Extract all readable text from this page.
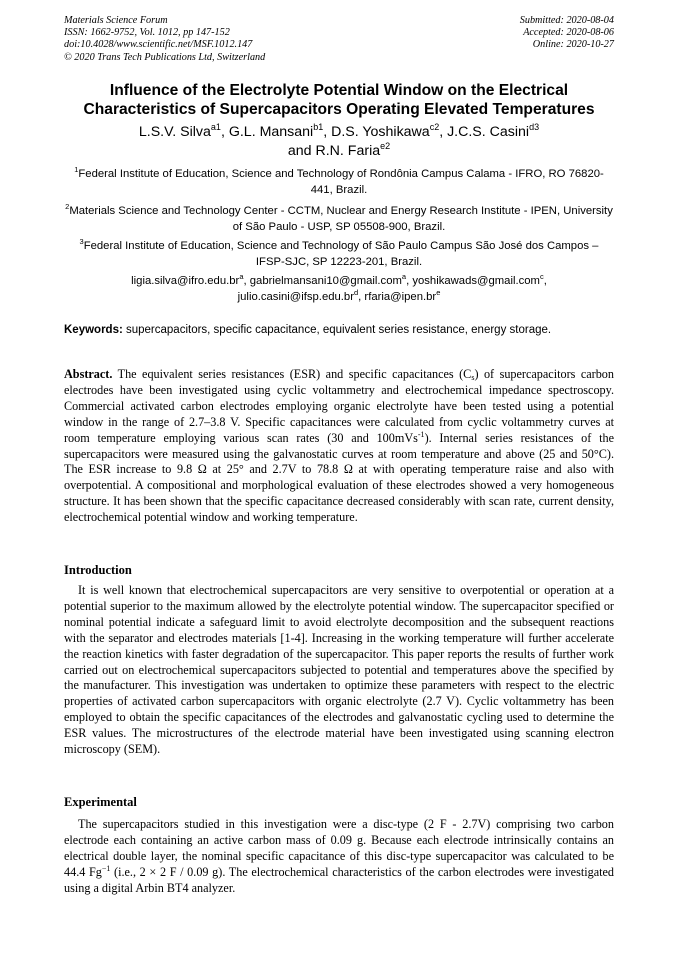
Materials Science Forum
ISSN: 1662-9752, Vol. 1012, pp 147-152
doi:10.4028/www.scientific.net/MSF.1012.147
© 2020 Trans Tech Publications Ltd, Switzerland
Submitted: 2020-08-04
Accepted: 2020-08-06
Online: 2020-10-27
Influence of the Electrolyte Potential Window on the Electrical
Characteristics of Supercapacitors Operating Elevated Temperatures
L.S.V. Silva$^{a1}$, G.L. Mansani$^{b1}$, D.S. Yoshikawa$^{c2}$, J.C.S. Casini$^{d3}$
and R.N. Faria$^{e2}$
$^1$Federal Institute of Education, Science and Technology of Rondônia Campus Calama - IFRO, RO 76820-441, Brazil.
$^2$Materials Science and Technology Center - CCTM, Nuclear and Energy Research Institute - IPEN, University of São Paulo - USP, SP 05508-900, Brazil.
$^3$Federal Institute of Education, Science and Technology of São Paulo Campus São José dos Campos – IFSP-SJC, SP 12223-201, Brazil.
$ligia.silva@ifro.edu.br^a$, gabrielmansani10@gmail.com$^a$, yoshikawads@gmail.com$^c$,
$julio.casini@ifsp.edu.br^d$, $rfaria@ipen.br^e$
Keywords: supercapacitors, specific capacitance, equivalent series resistance, energy storage.
Abstract. The equivalent series resistances (ESR) and specific capacitances $(C_s)$ of supercapacitors carbon electrodes have been investigated using cyclic voltammetry and electrochemical impedance spectroscopy. Commercial activated carbon electrodes employing organic electrolyte have been tested using a potential window in the range of 2.7–3.8 V. Specific capacitances were calculated from cyclic voltammetry curves at room temperature employing various scan rates (30 and 100mVs$^{-1}$). Internal series resistances of the supercapacitors were measured using the galvanostatic curves at room temperature and above (25 and 50°C). The ESR increase to 9.8 Ω at 25° and 2.7V to 78.8 Ω at with operating temperature raise and also with overpotential. A compositional and morphological evaluation of these electrodes showed a very homogeneous structure. It has been shown that the specific capacitance decreased considerably with scan rate, current density, electrochemical potential window and working temperature.
Introduction
It is well known that electrochemical supercapacitors are very sensitive to overpotential or operation at a potential superior to the maximum allowed by the electrolyte potential window. The supercapacitor specified or nominal potential indicate a safeguard limit to avoid electrolyte decomposition and the subsequent reactions with the separator and electrodes materials [1-4]. Increasing in the working temperature will further accelerate the reaction kinetics with faster degradation of the supercapacitor. This paper reports the results of further work carried out on electrochemical supercapacitors subjected to potential and temperatures above the specified by the manufacturer. This investigation was undertaken to optimize these parameters with respect to the electric properties of activated carbon supercapacitors with organic electrolyte (2.7 V). Cyclic voltammetry has been employed to obtain the specific capacitances of the electrodes and galvanostatic cycling used to determine the ESR values. The microstructures of the electrode material have been investigated using scanning electron microscopy (SEM).
Experimental
The supercapacitors studied in this investigation were a disc-type (2 F - 2.7V) comprising two carbon electrode each containing an active carbon mass of 0.09 g. Because each electrode intrinsically contains an electrical double layer, the nominal specific capacitance of this disc-type supercapacitor was calculated to be 44.4 $Fg^{-1}$ (i.e., 2 × 2 F / 0.09 g). The electrochemical characteristics of the carbon electrodes were investigated using a digital Arbin BT4 analyzer.
